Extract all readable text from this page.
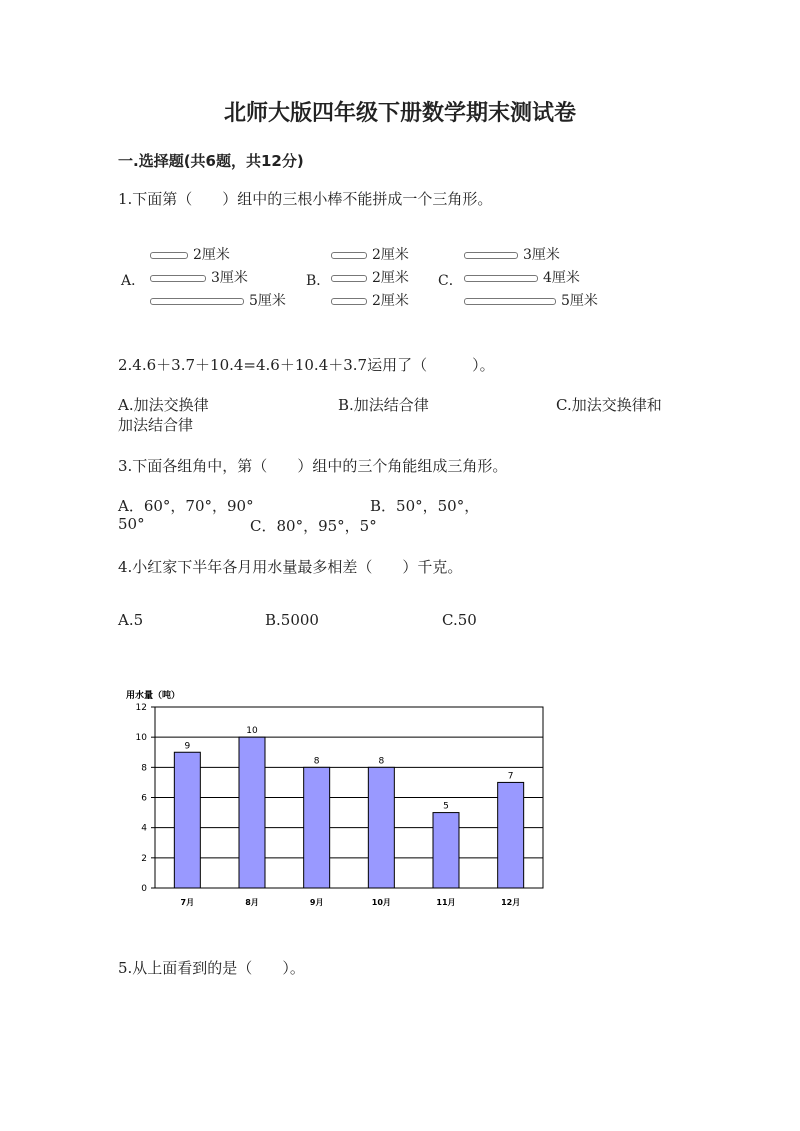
北师大版四年级下册数学期末测试卷
一.选择题(共6题，共12分)
1.下面第（　　）组中的三根小棒不能拼成一个三角形。
A．
2厘米
3厘米
5厘米
B．
2厘米
2厘米
2厘米
C．
3厘米
4厘米
5厘米
2.4.6＋3.7＋10.4=4.6＋10.4＋3.7运用了（　　　）。
A.加法交换律	B.加法结合律	C.加法交换律和
加法结合律
3.下面各组角中，第（　　）组中的三个角能组成三角形。
A．60°，70°，90°	B．50°，50°，
50°	C．80°，95°，5°
4.小红家下半年各月用水量最多相差（　　）千克。
A.5	B.5000	C.50
用水量（吨）
0
2
4
6
8
10
12
9
7月
10
8月
8
9月
8
10月
5
11月
7
12月
5.从上面看到的是（　　）。
